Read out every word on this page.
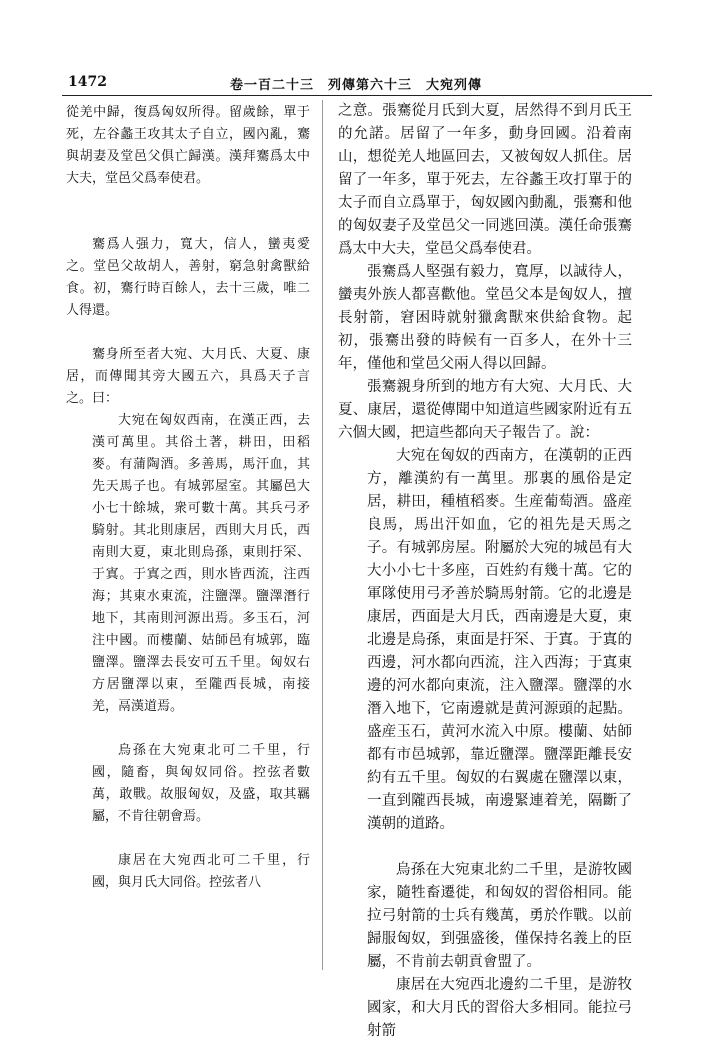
1472	卷一百二十三　列傳第六十三　大宛列傳

從羌中歸，復爲匈奴所得。留歲餘，單于死，左谷蠡王攻其太子自立，國內亂，騫與胡妻及堂邑父俱亡歸漢。漢拜騫爲太中大夫，堂邑父爲奉使君。

騫爲人强力，寬大，信人，蠻夷愛之。堂邑父故胡人，善射，窮急射禽獸給食。初，騫行時百餘人，去十三歲，唯二人得還。

騫身所至者大宛、大月氏、大夏、康居，而傳聞其旁大國五六，具爲天子言之。曰：

大宛在匈奴西南，在漢正西，去漢可萬里。其俗土著，耕田，田稻麥。有蒲陶酒。多善馬，馬汗血，其先天馬子也。有城郭屋室。其屬邑大小七十餘城，衆可數十萬。其兵弓矛騎射。其北則康居，西則大月氏，西南則大夏，東北則烏孫，東則扜罙、于寘。于寘之西，則水皆西流，注西海；其東水東流，注鹽澤。鹽澤潛行地下，其南則河源出焉。多玉石，河注中國。而樓蘭、姑師邑有城郭，臨鹽澤。鹽澤去長安可五千里。匈奴右方居鹽澤以東，至隴西長城，南接羌，鬲漢道焉。

烏孫在大宛東北可二千里，行國，隨畜，與匈奴同俗。控弦者數萬，敢戰。故服匈奴，及盛，取其羈屬，不肯往朝會焉。

康居在大宛西北可二千里，行國，與月氏大同俗。控弦者八

之意。張騫從月氏到大夏，居然得不到月氏王的允諾。居留了一年多，動身回國。沿着南山，想從羌人地區回去，又被匈奴人抓住。居留了一年多，單于死去，左谷蠡王攻打單于的太子而自立爲單于，匈奴國內動亂，張騫和他的匈奴妻子及堂邑父一同逃回漢。漢任命張騫爲太中大夫，堂邑父爲奉使君。

張騫爲人堅强有毅力，寬厚，以誠待人，蠻夷外族人都喜歡他。堂邑父本是匈奴人，擅長射箭，窘困時就射獵禽獸來供給食物。起初，張騫出發的時候有一百多人，在外十三年，僅他和堂邑父兩人得以回歸。

張騫親身所到的地方有大宛、大月氏、大夏、康居，還從傳聞中知道這些國家附近有五六個大國，把這些都向天子報告了。說：

大宛在匈奴的西南方，在漢朝的正西方，離漢約有一萬里。那裏的風俗是定居，耕田，種植稻麥。生産葡萄酒。盛産良馬，馬出汗如血，它的祖先是天馬之子。有城郭房屋。附屬於大宛的城邑有大大小小七十多座，百姓約有幾十萬。它的軍隊使用弓矛善於騎馬射箭。它的北邊是康居，西面是大月氏，西南邊是大夏，東北邊是烏孫，東面是扜罙、于寘。于寘的西邊，河水都向西流，注入西海；于寘東邊的河水都向東流，注入鹽澤。鹽澤的水潛入地下，它南邊就是黄河源頭的起點。盛産玉石，黄河水流入中原。樓蘭、姑師都有市邑城郭，靠近鹽澤。鹽澤距離長安約有五千里。匈奴的右翼處在鹽澤以東，一直到隴西長城，南邊緊連着羌，隔斷了漢朝的道路。

烏孫在大宛東北約二千里，是游牧國家，隨牲畜遷徙，和匈奴的習俗相同。能拉弓射箭的士兵有幾萬，勇於作戰。以前歸服匈奴，到强盛後，僅保持名義上的臣屬，不肯前去朝貢會盟了。

康居在大宛西北邊約二千里，是游牧國家，和大月氏的習俗大多相同。能拉弓射箭
